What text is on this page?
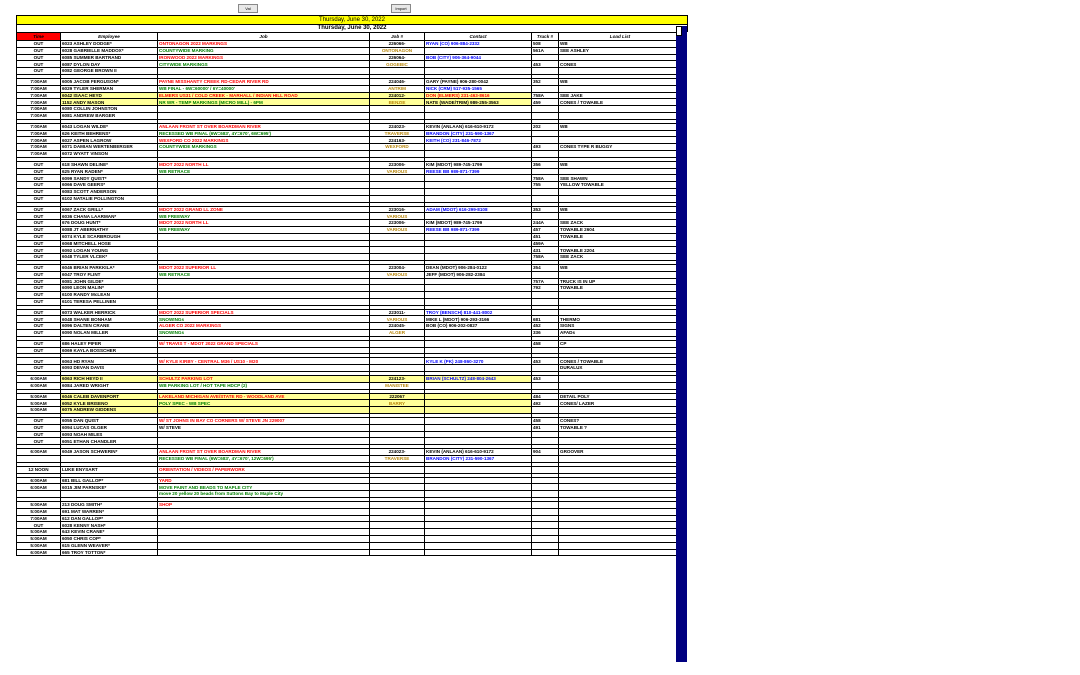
Val	Import
Thursday, June 30, 2022
Thursday, June 30, 2022
Time	Employee	Job	Job #	Contact	Truck #	Load List
OUT	6023 ASHLEY DODGE*	ONTONAGON 2022 MARKINGS	226066-	RYAN (CO) 906-884-2332	508	WB
OUT	6028 GABRIELLE MADDOX*	COUNTYWIDE MARKING	ONTONAGON		561A	SEE ASHLEY
OUT	6085 SUMMER BARTRAND	IRONWOOD 2022 MARKINGS	226064-	BOB (CITY) 906-364-9044		
OUT	6087 DYLON DAY	CITYWIDE MARKINGS	GOGEBIC		453	CONES
OUT	6082 GEORGE BROWN II					

7:00AM	6005 JACOB FERGUSON*	PAYNE MISSHANTY CREEK RD-CEDAR RIVER RD	224046-	GARY (PAYNE) 906-280-0042	352	WB
7:00AM	6029 TYLER SHERMAN	WB FINAL - 6W=60000' / 6Y=40000'	ANTRIM	NICK (CRM) 517-935-1565		
7:00AM	6042 ISAAC HEYD	ELMERS US31 / COLD CREEK - MARHALL / INDIAN HILL ROAD	224012-	DON (ELMERS) 231-463-8616	758A	SEE JAKE
7:00AM	1152 ANDY MASON	NR WR - TEMP MARKINGS (MICRO MILL) - 6PM	BENZIE	NATE (WADE/TRIM) 989-255-3563	459	CONES / TOWABLE
7:00AM	6080 COLLIN JOHNSTON					
7:00AM	6081 ANDREW BARGER					

7:00AM	6043 LOGAN WILDE*	ANLAAN FRONT ST OVER BOARDMAN RIVER	224023-	KEVIN (ANLAAN) 616-610-9172	202	WB
7:00AM	626 KEITH BEHRENS*	RECESSED WB FINAL (6W=683', 4Y=670', 6W=695')	TRAVERSE	BRANDON (CITY) 231-590-1367		
7:00AM	6027 ASPEN LAGROW	WEXFORD CO 2022 MARKINGS	224163-	KEITH (CO) 231-846-7872		
7:00AM	6071 DAMIAN WERTENBERGER	COUNTYWIDE MARKINGS	WEXFORD		493	CONES TYPE R BUGGY
7:00AM	6072 WYATT VINSON					

OUT	618 SHAWN DELINE*	MDOT 2022 NORTH LL	223006-	KIM (MDOT) 989-745-1799	356	WB
OUT	625 RYAN RADEN*	WB RETRACE	VARIOUS	REESE BB 989-871-7399		
OUT	6099 SANDY QUIST*				758A	SEE SHAWN
OUT	6066 DAVE GEERS*				755	YELLOW TOWABLE
OUT	6083 SCOTT ANDERSON					
OUT	6102 NATALIE POLLINGTON					

OUT	6067 ZACK GRILL*	MDOT 2022 GRAND LL ZONE	223016-	ADAM (MDOT) 616-299-8108	353	WB
OUT	6036 CHANA LAARMAN*	WB FREEWAY	VARIOUS			
OUT	676 DOUG HUNT*	MDOT 2022 NORTH LL	223006-	KIM (MDOT) 989-745-1799	244A	SEE ZACK
OUT	6088 JT ABERNATHY	WB FREEWAY	VARIOUS	REESE BB 989-871-7399	457	TOWABLE 2604
OUT	6074 KYLE SCARBROUGH				451	TOWABLE
OUT	6068 MITCHELL HOSE				459A	
OUT	6092 LOGAN YOUNG				431	TOWABLE 2204
OUT	6048 TYLER VLCEK*				758A	SEE ZACK

OUT	6046 BRIAN PARKKILA*	MDOT 2022 SUPERIOR LL	223004-	DEAN (MDOT) 906-284-0122	354	WB
OUT	6047 TROY FLINT	WB RETRACE	VARIOUS	JEFF (MDOT) 906-282-2384		
OUT	6081 JOHN GILDE*				757A	TRUCK IS IN UP
OUT	6090 LEON MALIN*				792	TOWABLE
OUT	6100 RANDY McLEAN					
OUT	6101 TERESA PELLINEN					

OUT	6073 WALKER HERRICK	MDOT 2022 SUPERIOR SPECIALS	223011-	TROY (BENSCH) 810-441-8002		
OUT	6048 SHANE BONHAM	SNOWINGs	VARIOUS	MIKE L (MDOT) 906-293-3166	681	THERMO
OUT	6096 DALTEN CRANE	ALGER CO 2022 MARKINGS	224045-	BOB (CO) 906-202-0827	452	SIGNS
OUT	6090 NOLAN MILLER	SNOWINGs	ALGER		336	AFADs

OUT	686 HALEY PIFER	W/ TRAVIS T - MDOT 2022 GRAND SPECIALS			458	CP
OUT	6069 KAYLA BOSSCHER					

OUT	6063 HD RYAN	W/ KYLE KIRBY - CENTRAL M36 / US10 - M20		KYLE K (PK) 248-860-3270	453	CONES / TOWABLE
OUT	6093 DEVAN DAVIS					DURALUX

6:00AM	6063 RICH HEYD II	SCHULTZ PARKING LOT	224123-	BRIAN (SCHULTZ) 248-804-2643	453	
6:00AM	6084 JARED WRIGHT	WB PARKING LOT / HOT TAPE HDCP (2)	MANISTEE			

5:00AM	6046 CALEB DAVENPORT	LAKELAND MICHIGAN AVE/STATE RD - WOODLAND AVE	222067		484	DETAIL POLY
5:00AM	6052 KYLE BRISENO	POLY SPEC - WB SPEC	BARRY		492	CONES/ LAZER
5:00AM	6075 ANDREW GIDDENS					

OUT	6055 DAN QUIST	W/ ST JOHNS IN BAY CO CORNERS W/ STEVE JN 229007			458	CONES?
OUT	6094 LUCAS OLGER	W/ STEVE			491	TOWABLE ?
OUT	6093 NOAH MILES					
OUT	6051 ETHAN CHANDLER					

6:00AM	6049 JASON SCHWERIN*	ANLAAN FRONT ST OVER BOARDMAN RIVER	224023-	KEVIN (ANLAAN) 616-610-9172	904	GROOVER
		RECESSED WB FINAL (6W=683', 4Y=670', 12W=695')	TRAVERSE	BRANDON (CITY) 231-590-1367		

12 NOON	LUKE ENYSART	ORIENTATION / VIDEOS / PAPERWORK				

6:00AM	681 BILL GALLOP*	YARD				
6:00AM	6015 JIM PARNSKE*	MOVE PAINT AND BEADS TO MAPLE CITY				
		move 20 yellow 20 beads from Suttons Bay to Maple City				

5:00AM	213 DOUG SMITH*	SHOP				
5:00AM	691 MAT WARREN*					
7:00AM	612 DAN GALLOP*					
OUT	6028 KENNY NASH*					
5:00AM	643 KEVIN CRANE*					
5:00AM	6050 CHRIS COP*					
5:00AM	615 GLENN WEAVER*					
6:00AM	665 TROY TOTTON*					
